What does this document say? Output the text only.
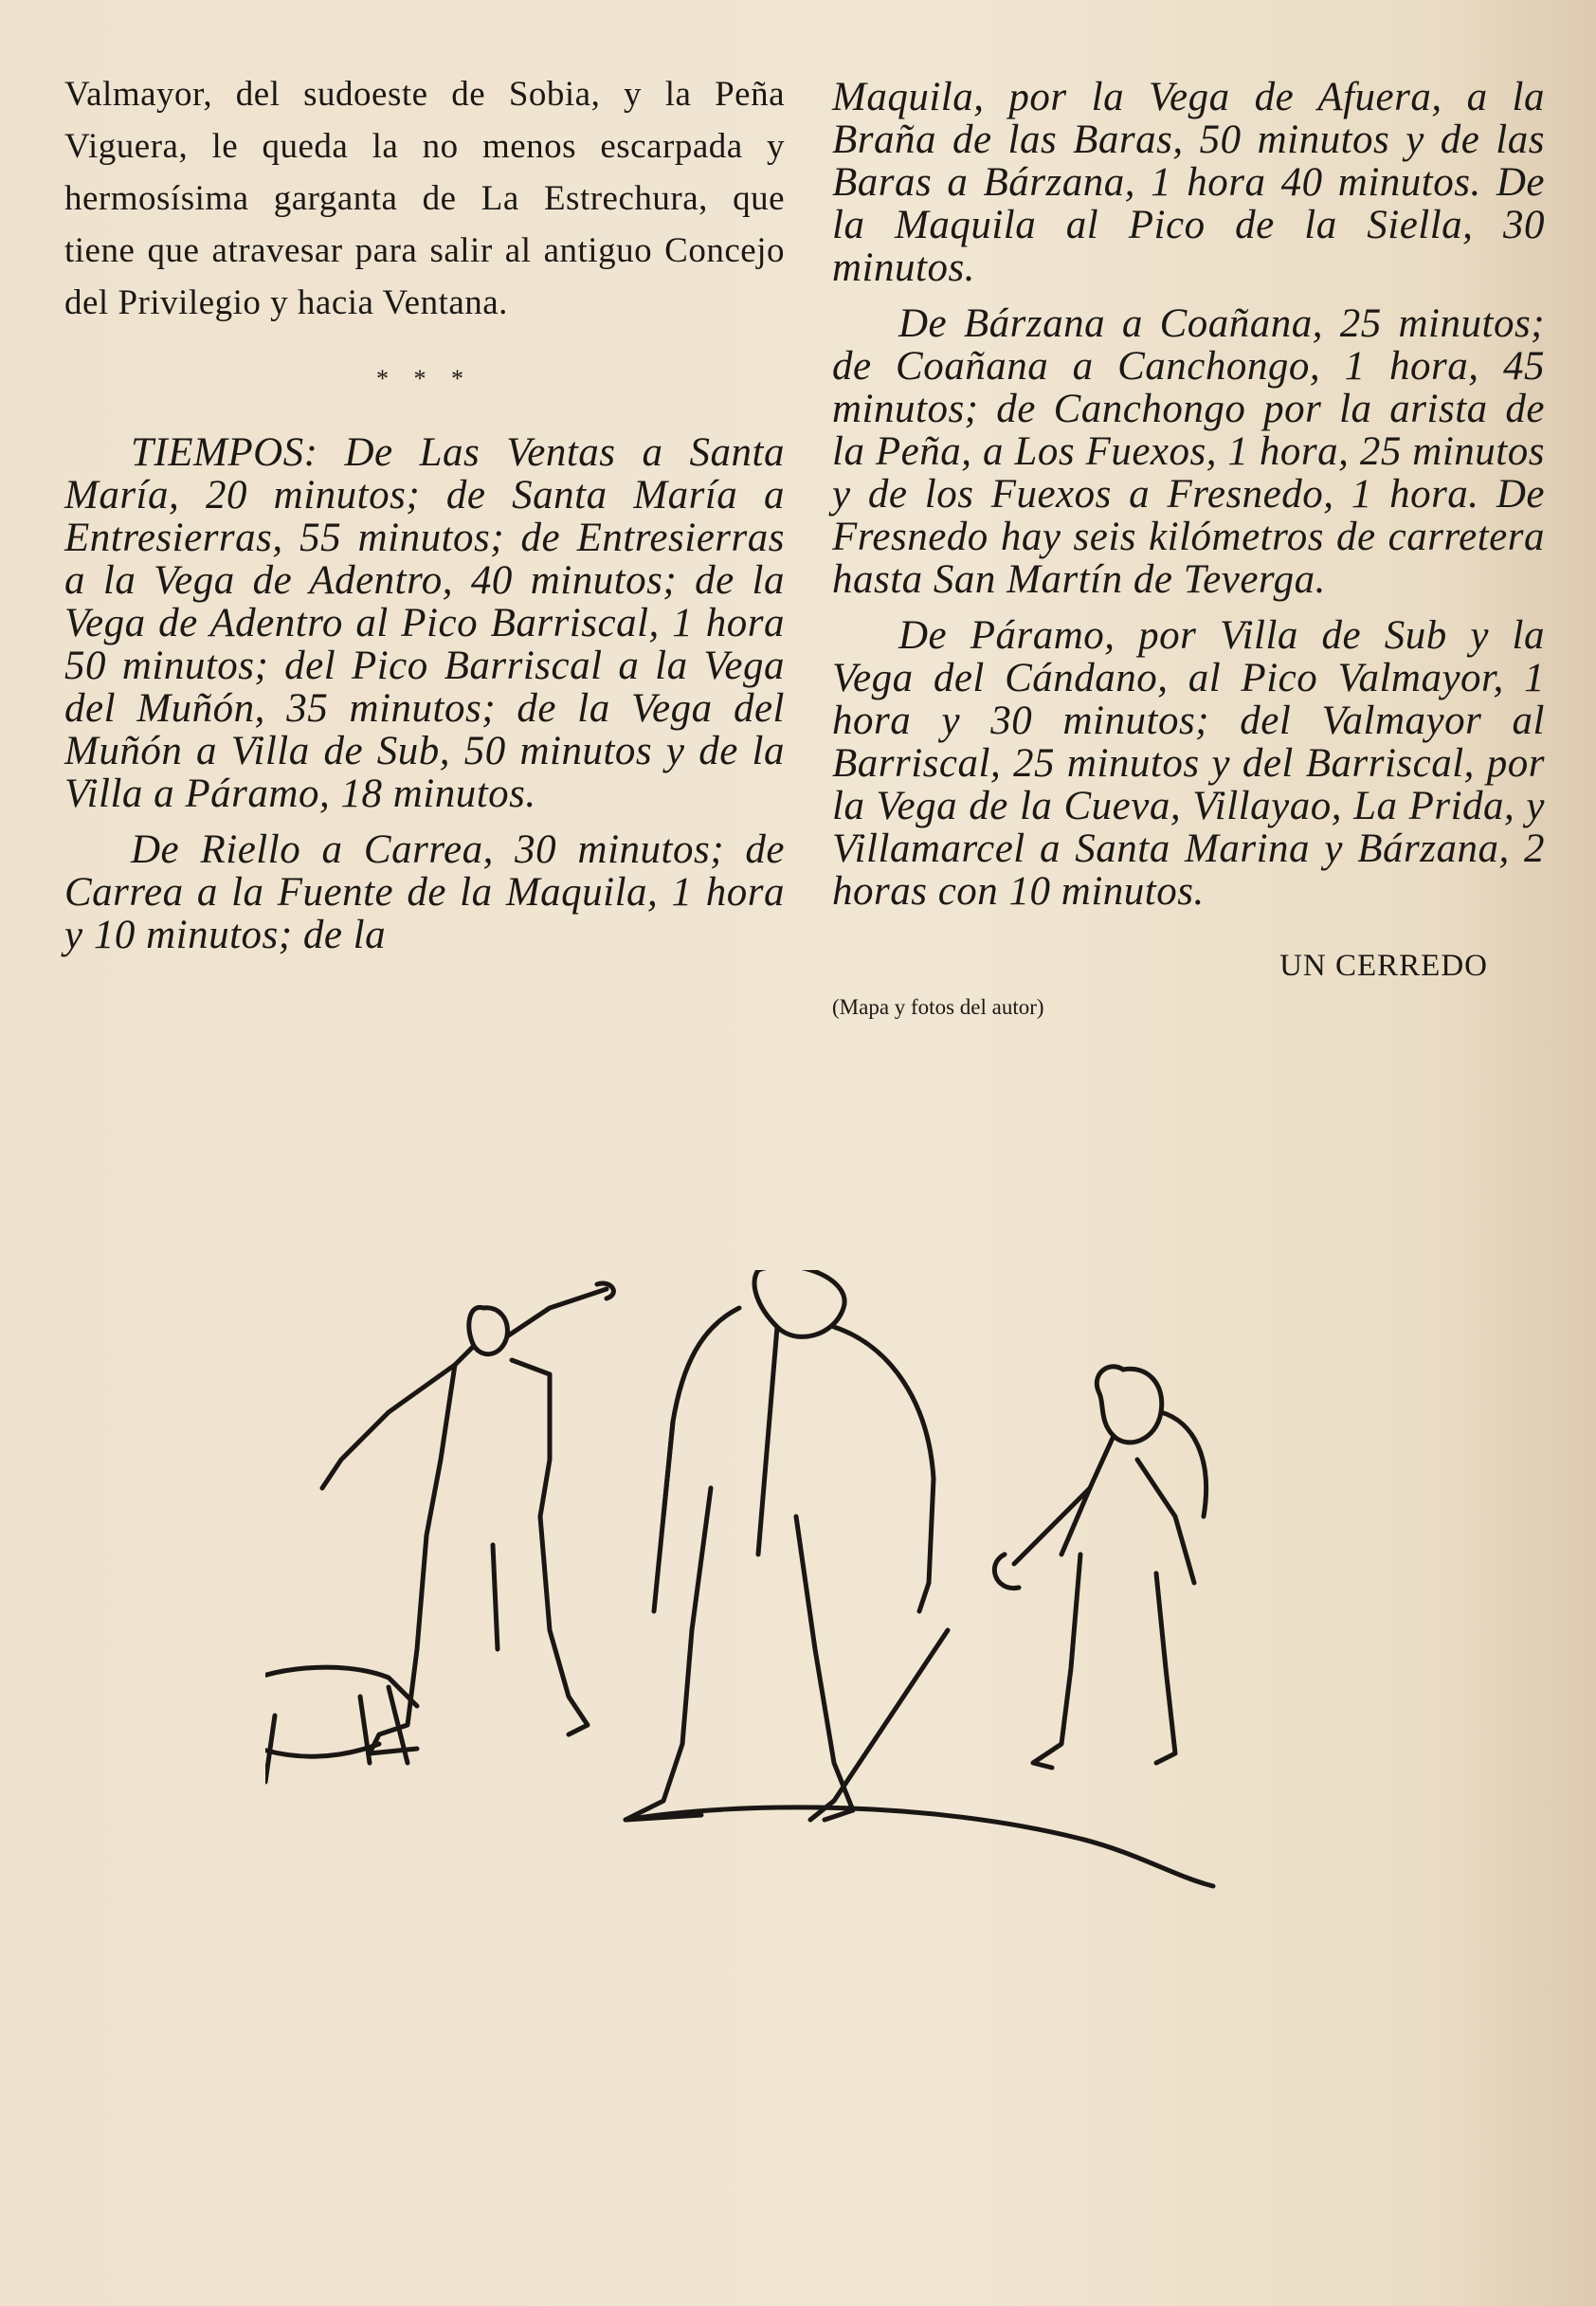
Valmayor, del sudoeste de Sobia, y la Peña Viguera, le queda la no menos escarpada y hermosísima garganta de La Estrechura, que tiene que atravesar para salir al antiguo Concejo del Privilegio y hacia Ventana.

* * *

TIEMPOS: De Las Ventas a Santa María, 20 minutos; de Santa María a Entresierras, 55 minutos; de Entresierras a la Vega de Adentro, 40 minutos; de la Vega de Adentro al Pico Barriscal, 1 hora 50 minutos; del Pico Barriscal a la Vega del Muñón, 35 minutos; de la Vega del Muñón a Villa de Sub, 50 minutos y de la Villa a Páramo, 18 minutos.

De Riello a Carrea, 30 minutos; de Carrea a la Fuente de la Maquila, 1 hora y 10 minutos; de la

Maquila, por la Vega de Afuera, a la Braña de las Baras, 50 minutos y de las Baras a Bárzana, 1 hora 40 minutos. De la Maquila al Pico de la Siella, 30 minutos.

De Bárzana a Coañana, 25 minutos; de Coañana a Canchongo, 1 hora, 45 minutos; de Canchongo por la arista de la Peña, a Los Fuexos, 1 hora, 25 minutos y de los Fuexos a Fresnedo, 1 hora. De Fresnedo hay seis kilómetros de carretera hasta San Martín de Teverga.

De Páramo, por Villa de Sub y la Vega del Cándano, al Pico Valmayor, 1 hora y 30 minutos; del Valmayor al Barriscal, 25 minutos y del Barriscal, por la Vega de la Cueva, Villayao, La Prida, y Villamarcel a Santa Marina y Bárzana, 2 horas con 10 minutos.

UN CERREDO
(Mapa y fotos del autor)
